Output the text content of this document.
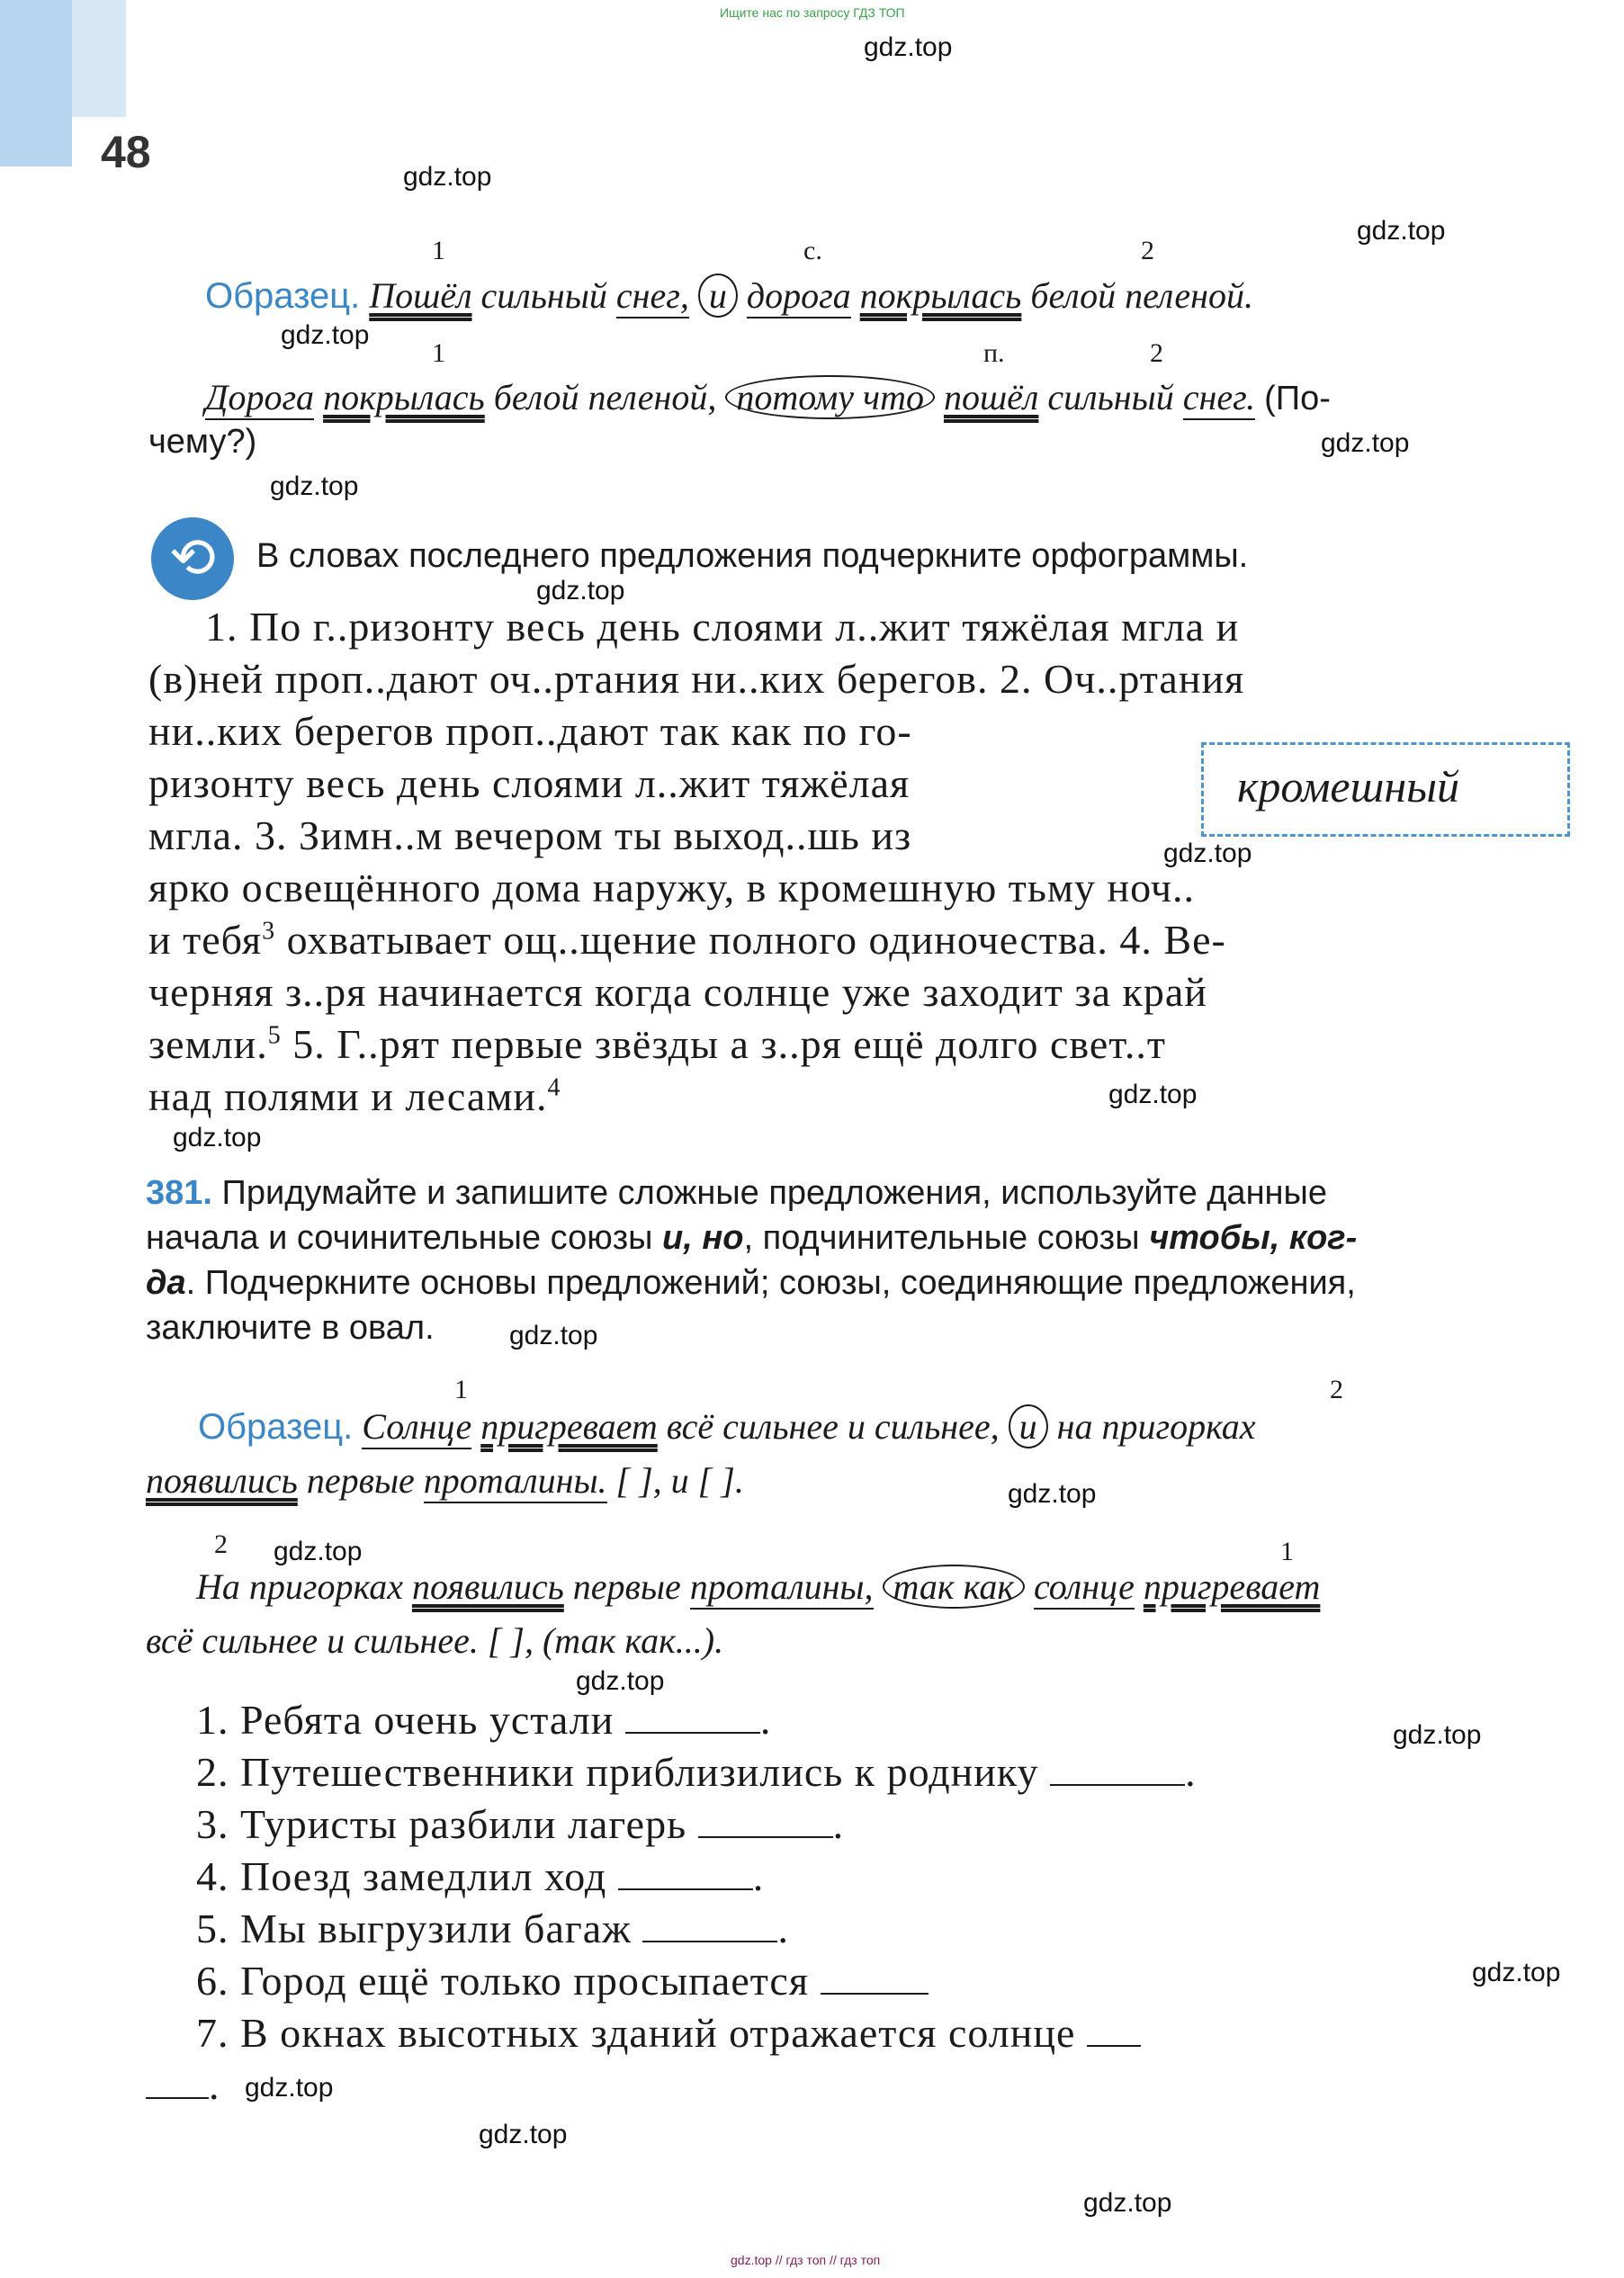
48
Ищите нас по запросу ГДЗ ТОП
gdz.top
gdz.top
gdz.top
gdz.top
gdz.top
gdz.top
gdz.top
gdz.top
gdz.top
gdz.top
gdz.top
gdz.top
gdz.top
gdz.top
gdz.top
gdz.top
gdz.top
gdz.top
gdz.top
1	с.	2
Образец. Пошёл сильный снег, и дорога покрылась белой пеленой.
1	п.	2
Дорога покрылась белой пеленой, потому что пошёл сильный снег. (По-
чему?)
⟲	В словах последнего предложения подчеркните орфограммы.
кромешный
1. По г..ризонту весь день слоями л..жит тяжёлая мгла и
(в)ней проп..дают оч..ртания ни..ких берегов. 2. Оч..ртания
ни..ких берегов проп..дают так как по го-
ризонту весь день слоями л..жит тяжёлая
мгла. 3. Зимн..м вечером ты выход..шь из
ярко освещённого дома наружу, в кромешную тьму ноч..
и тебя$^3$ охватывает ощ..щение полного одиночества. 4. Ве-
черняя з..ря начинается когда солнце уже заходит за край
земли.$^5$ 5. Г..рят первые звёзды а з..ря ещё долго свет..т
над полями и лесами.$^4$
381. Придумайте и запишите сложные предложения, используйте данные
начала и сочинительные союзы и, но, подчинительные союзы чтобы, ког-
да. Подчеркните основы предложений; союзы, соединяющие предложения,
заключите в овал.
1	2
Образец. Солнце пригревает всё сильнее и сильнее, и на пригорках
появились первые проталины. [ ], и [ ].
2	1
На пригорках появились первые проталины, так как солнце пригревает
всё сильнее и сильнее. [ ], (так как...).
1. Ребята очень устали	.
2. Путешественники приблизились к роднику	.
3. Туристы разбили лагерь	.
4. Поезд замедлил ход	.
5. Мы выгрузили багаж	.
6. Город ещё только просыпается
7. В окнах высотных зданий отражается солнце
.
gdz.top // гдз топ // гдз топ
